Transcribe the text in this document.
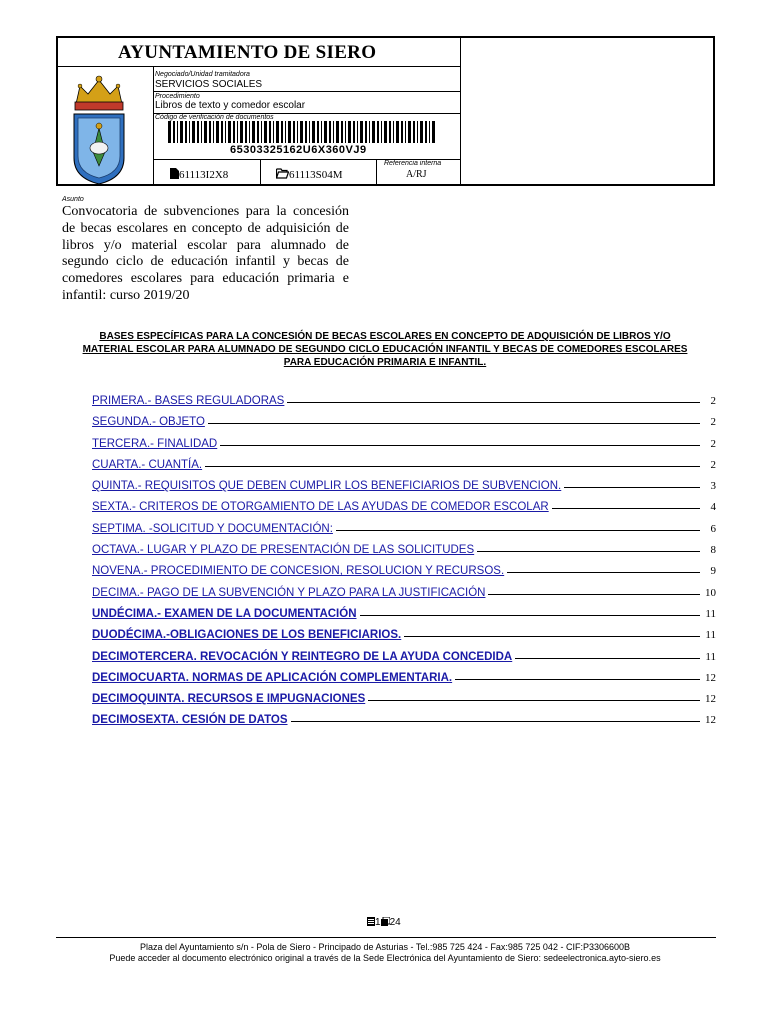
AYUNTAMIENTO DE SIERO
Negociado/Unidad tramitadora
SERVICIOS SOCIALES
Procedimiento
Libros de texto y comedor escolar
Código de verificación de documentos
65303325162U6X360VJ9
61113I2X8	61113S04M
Referencia interna
A/RJ
Asunto
Convocatoria de subvenciones para la concesión de becas escolares en concepto de adquisición de libros y/o material escolar para alumnado de segundo ciclo de educación infantil y becas de comedores escolares para educación primaria e infantil: curso 2019/20
BASES ESPECÍFICAS PARA LA CONCESIÓN DE BECAS ESCOLARES EN CONCEPTO DE ADQUISICIÓN DE LIBROS Y/O MATERIAL ESCOLAR PARA ALUMNADO DE SEGUNDO CICLO EDUCACIÓN INFANTIL Y BECAS DE COMEDORES ESCOLARES PARA EDUCACIÓN PRIMARIA E INFANTIL.
PRIMERA.- BASES REGULADORAS	2
SEGUNDA.- OBJETO	2
TERCERA.- FINALIDAD	2
CUARTA.- CUANTÍA.	2
QUINTA.- REQUISITOS QUE DEBEN CUMPLIR LOS BENEFICIARIOS DE SUBVENCION.	3
SEXTA.- CRITEROS DE OTORGAMIENTO DE LAS AYUDAS DE COMEDOR ESCOLAR	4
SEPTIMA. -SOLICITUD Y DOCUMENTACIÓN:	6
OCTAVA.- LUGAR Y PLAZO DE PRESENTACIÓN DE LAS SOLICITUDES	8
NOVENA.- PROCEDIMIENTO DE CONCESION, RESOLUCION Y RECURSOS.	9
DECIMA.- PAGO DE LA SUBVENCIÓN Y PLAZO PARA LA JUSTIFICACIÓN	10
UNDÉCIMA.- EXAMEN DE LA DOCUMENTACIÓN	11
DUODÉCIMA.-OBLIGACIONES DE LOS BENEFICIARIOS.	11
DECIMOTERCERA. REVOCACIÓN Y REINTEGRO DE LA AYUDA CONCEDIDA	11
DECIMOCUARTA. NORMAS DE APLICACIÓN COMPLEMENTARIA.	12
DECIMOQUINTA. RECURSOS E IMPUGNACIONES	12
DECIMOSEXTA. CESIÓN DE DATOS	12
1 24
Plaza del Ayuntamiento s/n - Pola de Siero - Principado de Asturias - Tel.:985 725 424 - Fax:985 725 042 - CIF:P3306600B
Puede acceder al documento electrónico original a través de la Sede Electrónica del Ayuntamiento de Siero: sedeelectronica.ayto-siero.es
